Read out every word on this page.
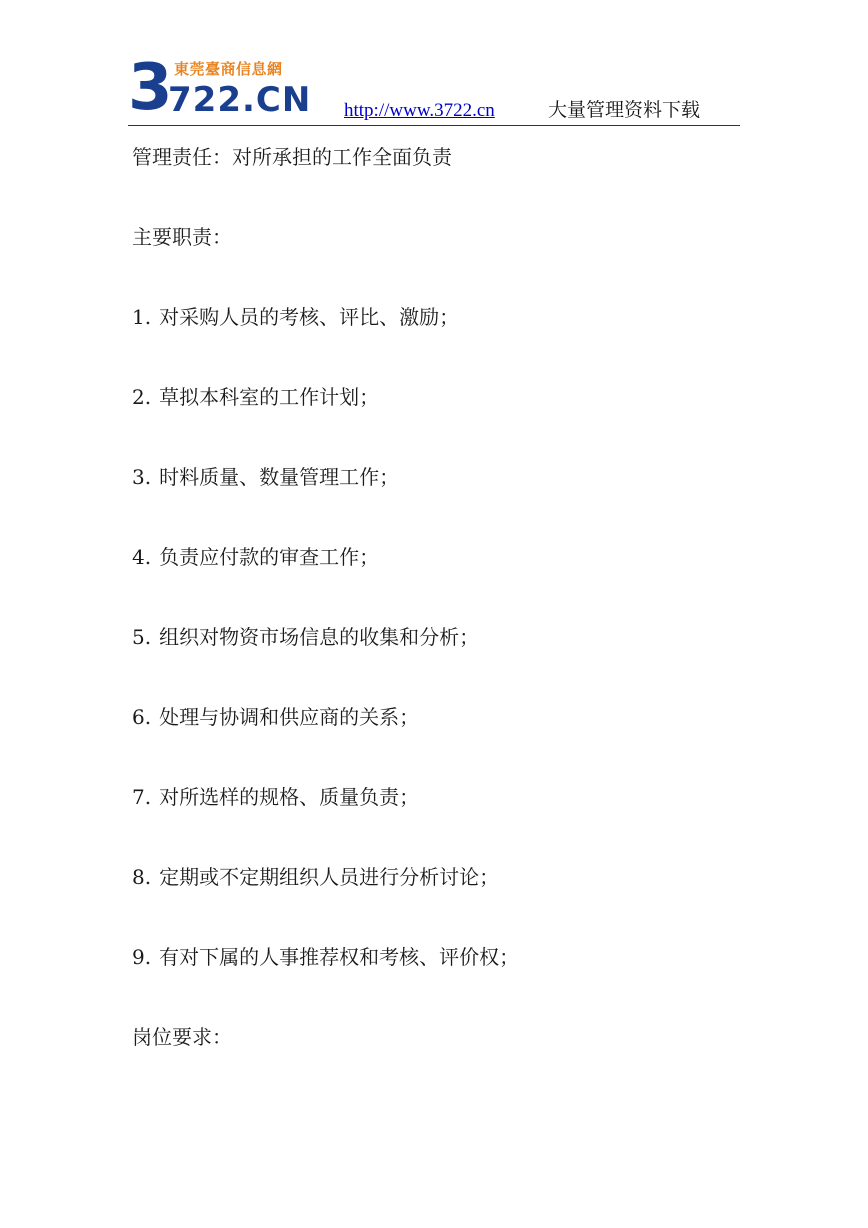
3 東莞臺商信息網
722.CN http://www.3722.cn	大量管理资料下载
管理责任：对所承担的工作全面负责
主要职责：
1. 对采购人员的考核、评比、激励；
2. 草拟本科室的工作计划；
3. 时料质量、数量管理工作；
4. 负责应付款的审查工作；
5. 组织对物资市场信息的收集和分析；
6. 处理与协调和供应商的关系；
7. 对所选样的规格、质量负责；
8. 定期或不定期组织人员进行分析讨论；
9. 有对下属的人事推荐权和考核、评价权；
岗位要求：
